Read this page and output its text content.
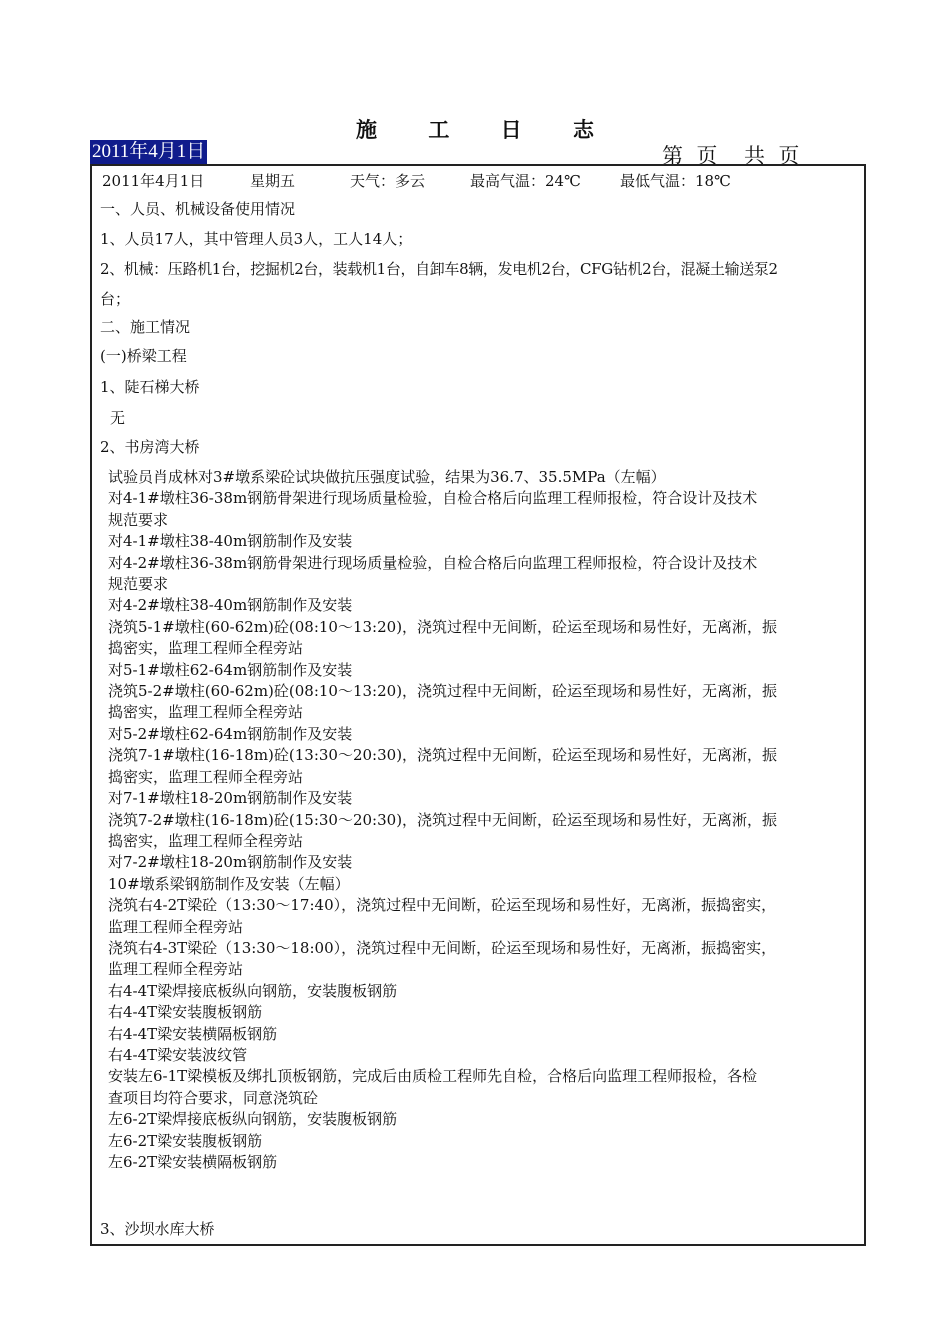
施 工 日 志
2011年4月1日	第  页    共  页
2011年4月1日	星期五	天气：多云	最高气温：24℃	最低气温：18℃
一、人员、机械设备使用情况
1、人员17人，其中管理人员3人，工人14人；
2、机械：压路机1台，挖掘机2台，装载机1台，自卸车8辆，发电机2台，CFG钻机2台，混凝土输送泵2
台；
二、施工情况
(一)桥梁工程
1、陡石梯大桥
无
2、书房湾大桥
试验员肖成林对3#墩系梁砼试块做抗压强度试验，结果为36.7、35.5MPa（左幅）
对4-1#墩柱36-38m钢筋骨架进行现场质量检验，自检合格后向监理工程师报检，符合设计及技术
规范要求
对4-1#墩柱38-40m钢筋制作及安装
对4-2#墩柱36-38m钢筋骨架进行现场质量检验，自检合格后向监理工程师报检，符合设计及技术
规范要求
对4-2#墩柱38-40m钢筋制作及安装
浇筑5-1#墩柱(60-62m)砼(08:10～13:20)，浇筑过程中无间断，砼运至现场和易性好，无离淅，振
捣密实，监理工程师全程旁站
对5-1#墩柱62-64m钢筋制作及安装
浇筑5-2#墩柱(60-62m)砼(08:10～13:20)，浇筑过程中无间断，砼运至现场和易性好，无离淅，振
捣密实，监理工程师全程旁站
对5-2#墩柱62-64m钢筋制作及安装
浇筑7-1#墩柱(16-18m)砼(13:30～20:30)，浇筑过程中无间断，砼运至现场和易性好，无离淅，振
捣密实，监理工程师全程旁站
对7-1#墩柱18-20m钢筋制作及安装
浇筑7-2#墩柱(16-18m)砼(15:30～20:30)，浇筑过程中无间断，砼运至现场和易性好，无离淅，振
捣密实，监理工程师全程旁站
对7-2#墩柱18-20m钢筋制作及安装
10#墩系梁钢筋制作及安装（左幅）
浇筑右4-2T梁砼（13:30～17:40），浇筑过程中无间断，砼运至现场和易性好，无离淅，振捣密实，
监理工程师全程旁站
浇筑右4-3T梁砼（13:30～18:00），浇筑过程中无间断，砼运至现场和易性好，无离淅，振捣密实，
监理工程师全程旁站
右4-4T梁焊接底板纵向钢筋，安装腹板钢筋
右4-4T梁安装腹板钢筋
右4-4T梁安装横隔板钢筋
右4-4T梁安装波纹管
安装左6-1T梁模板及绑扎顶板钢筋，完成后由质检工程师先自检，合格后向监理工程师报检，各检
查项目均符合要求，同意浇筑砼
左6-2T梁焊接底板纵向钢筋，安装腹板钢筋
左6-2T梁安装腹板钢筋
左6-2T梁安装横隔板钢筋
3、沙坝水库大桥
